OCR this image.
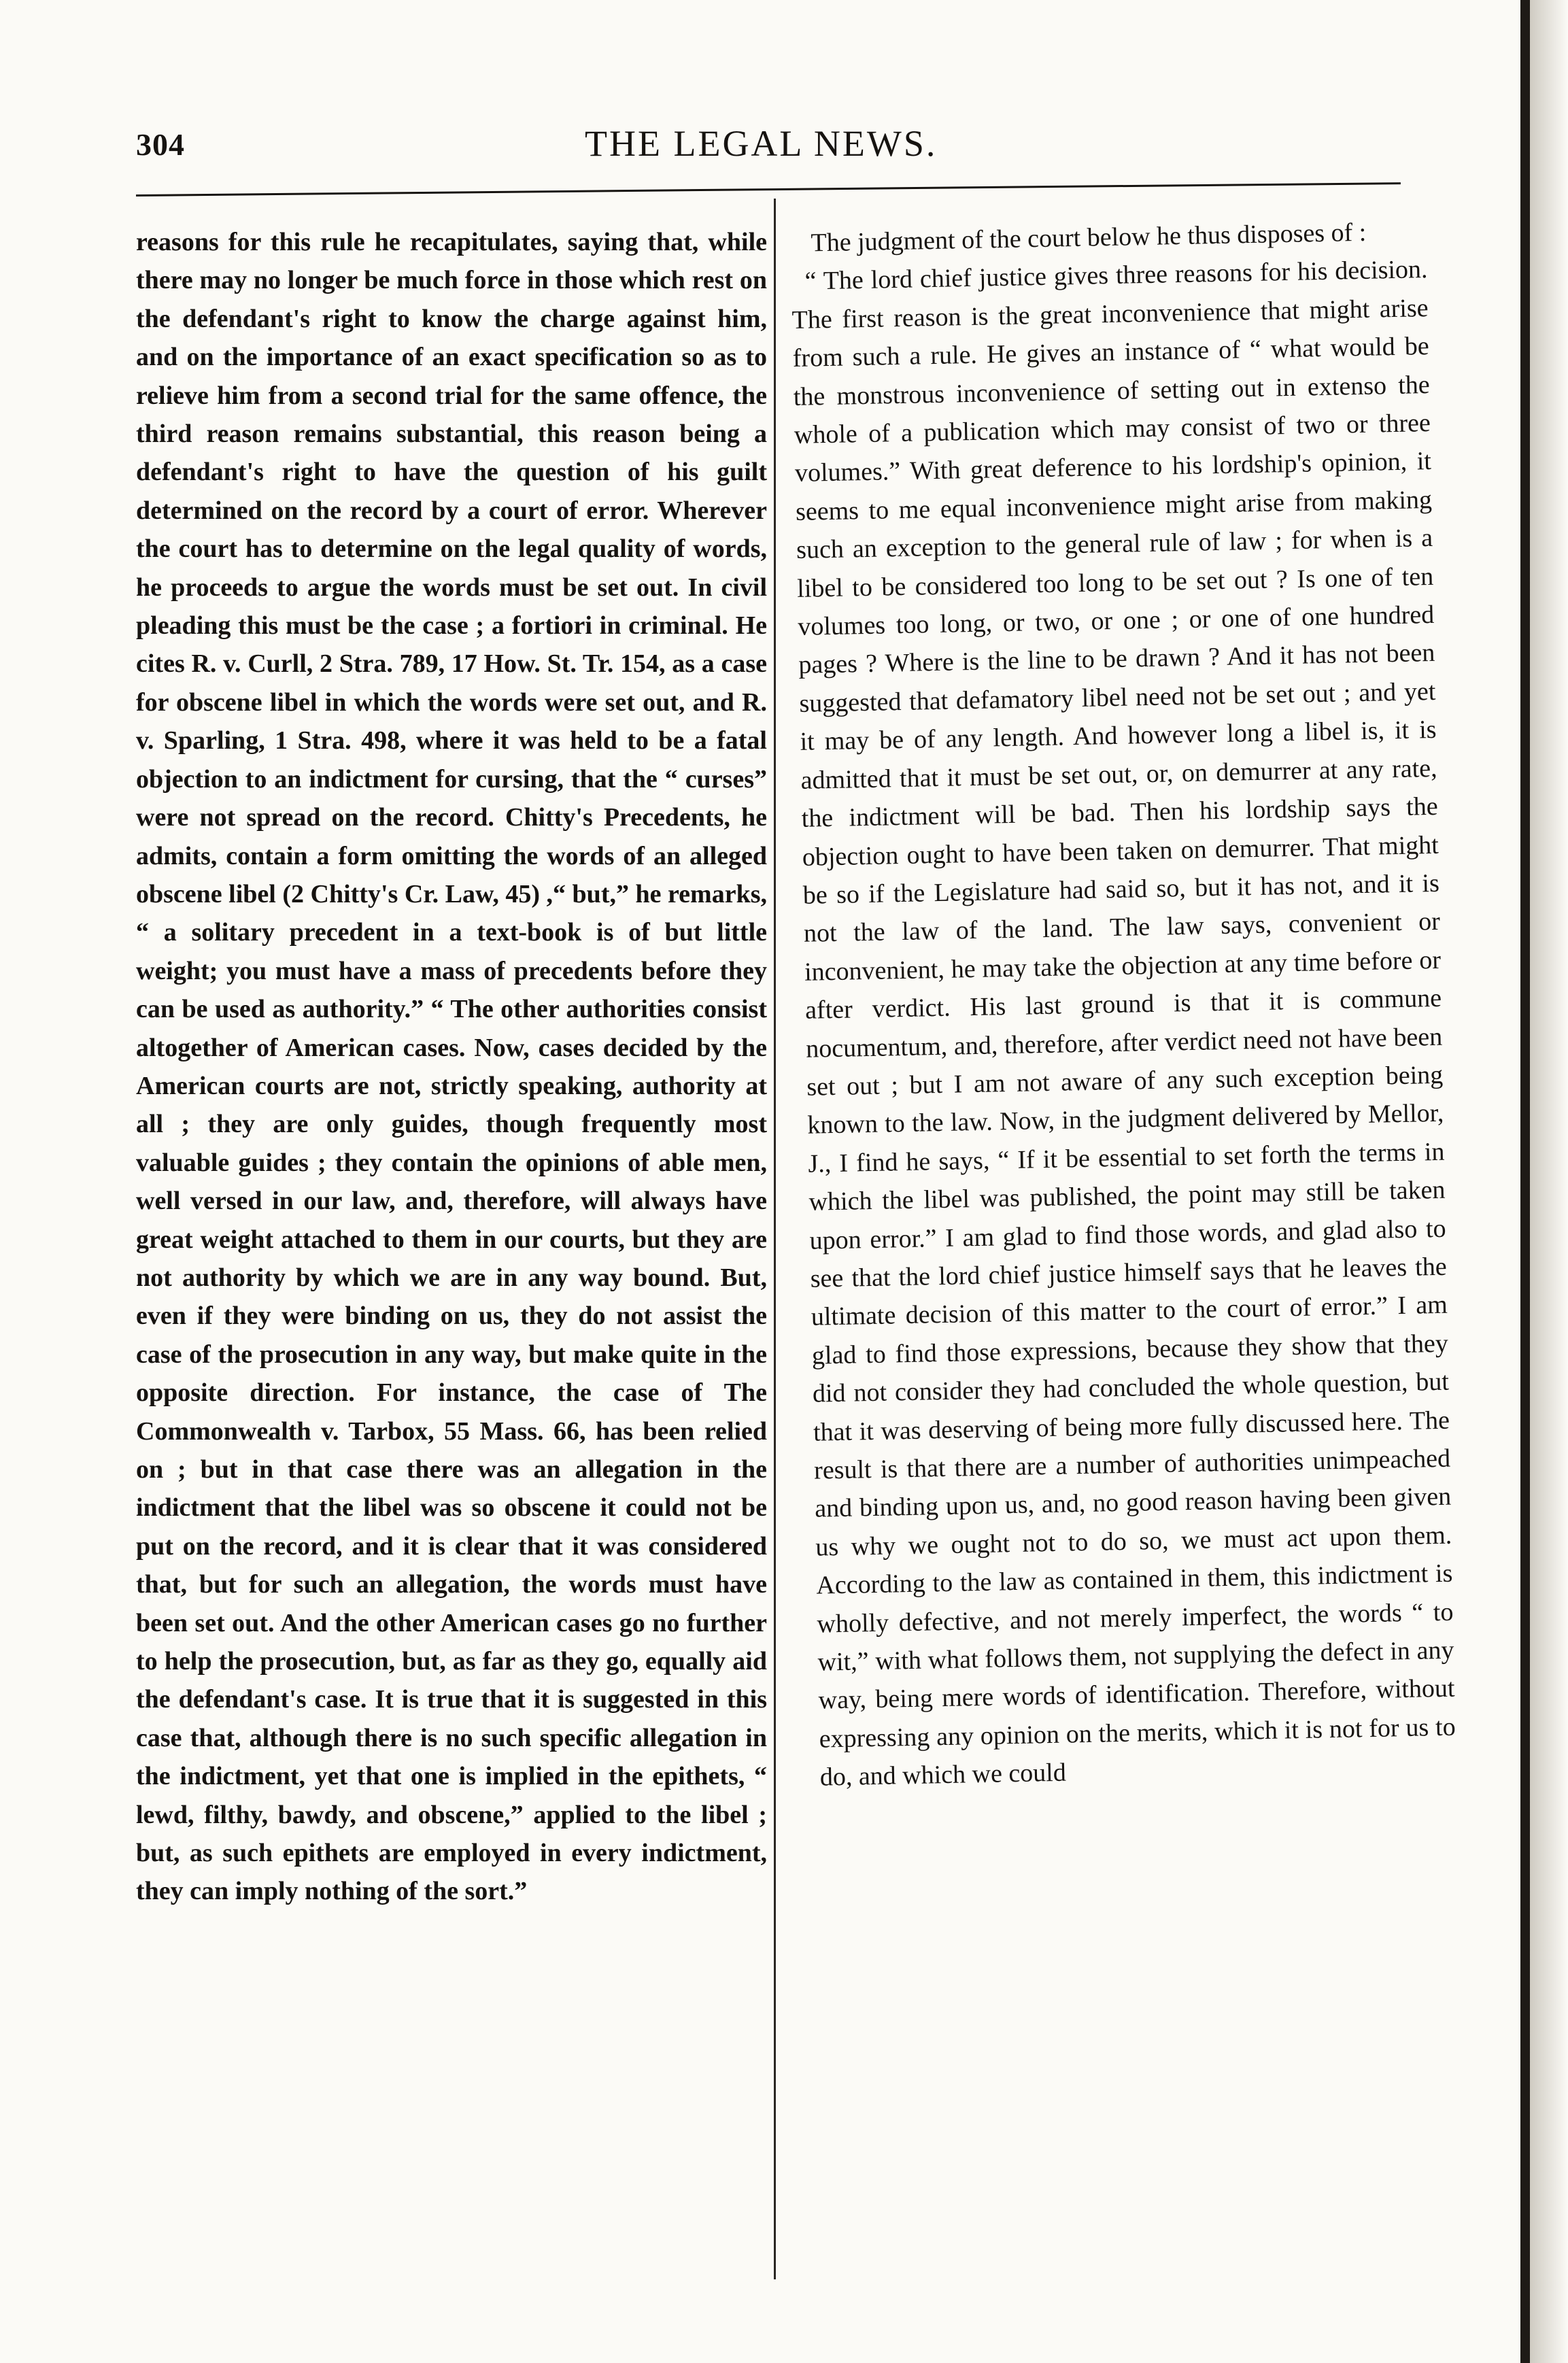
304	THE LEGAL NEWS.

reasons for this rule he recapitulates, saying that, while there may no longer be much force in those which rest on the defendant's right to know the charge against him, and on the importance of an exact specification so as to relieve him from a second trial for the same offence, the third reason remains substantial, this reason being a defendant's right to have the question of his guilt determined on the record by a court of error. Wherever the court has to determine on the legal quality of words, he proceeds to argue the words must be set out. In civil pleading this must be the case ; a fortiori in criminal. He cites R. v. Curll, 2 Stra. 789, 17 How. St. Tr. 154, as a case for obscene libel in which the words were set out, and R. v. Sparling, 1 Stra. 498, where it was held to be a fatal objection to an indictment for cursing, that the “ curses” were not spread on the record. Chitty's Precedents, he admits, contain a form omitting the words of an alleged obscene libel (2 Chitty's Cr. Law, 45) ,“ but,” he remarks, “ a solitary precedent in a text-book is of but little weight; you must have a mass of precedents before they can be used as authority.” “ The other authorities consist altogether of American cases. Now, cases decided by the American courts are not, strictly speaking, authority at all ; they are only guides, though frequently most valuable guides ; they contain the opinions of able men, well versed in our law, and, therefore, will always have great weight attached to them in our courts, but they are not authority by which we are in any way bound. But, even if they were binding on us, they do not assist the case of the prosecution in any way, but make quite in the opposite direction. For instance, the case of The Commonwealth v. Tarbox, 55 Mass. 66, has been relied on ; but in that case there was an allegation in the indictment that the libel was so obscene it could not be put on the record, and it is clear that it was considered that, but for such an allegation, the words must have been set out. And the other American cases go no further to help the prosecution, but, as far as they go, equally aid the defendant's case. It is true that it is suggested in this case that, although there is no such specific allegation in the indictment, yet that one is implied in the epithets, “ lewd, filthy, bawdy, and obscene,” applied to the libel ; but, as such epithets are employed in every indictment, they can imply nothing of the sort.”

The judgment of the court below he thus disposes of :

“ The lord chief justice gives three reasons for his decision. The first reason is the great inconvenience that might arise from such a rule. He gives an instance of “ what would be the monstrous inconvenience of setting out in extenso the whole of a publication which may consist of two or three volumes.” With great deference to his lordship's opinion, it seems to me equal inconvenience might arise from making such an exception to the general rule of law ; for when is a libel to be considered too long to be set out ? Is one of ten volumes too long, or two, or one ; or one of one hundred pages ? Where is the line to be drawn ? And it has not been suggested that defamatory libel need not be set out ; and yet it may be of any length. And however long a libel is, it is admitted that it must be set out, or, on demurrer at any rate, the indictment will be bad. Then his lordship says the objection ought to have been taken on demurrer. That might be so if the Legislature had said so, but it has not, and it is not the law of the land. The law says, convenient or inconvenient, he may take the objection at any time before or after verdict. His last ground is that it is commune nocumentum, and, therefore, after verdict need not have been set out ; but I am not aware of any such exception being known to the law. Now, in the judgment delivered by Mellor, J., I find he says, “ If it be essential to set forth the terms in which the libel was published, the point may still be taken upon error.” I am glad to find those words, and glad also to see that the lord chief justice himself says that he leaves the ultimate decision of this matter to the court of error.” I am glad to find those expressions, because they show that they did not consider they had concluded the whole question, but that it was deserving of being more fully discussed here. The result is that there are a number of authorities unimpeached and binding upon us, and, no good reason having been given us why we ought not to do so, we must act upon them. According to the law as contained in them, this indictment is wholly defective, and not merely imperfect, the words “ to wit,” with what follows them, not supplying the defect in any way, being mere words of identification. Therefore, without expressing any opinion on the merits, which it is not for us to do, and which we could
